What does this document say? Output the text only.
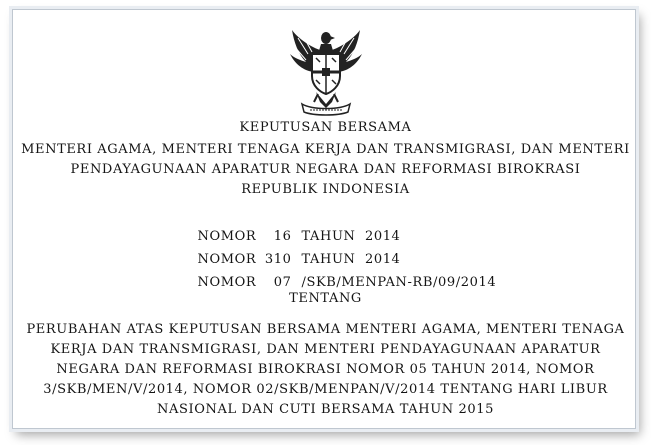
KEPUTUSAN BERSAMA
MENTERI AGAMA, MENTERI TENAGA KERJA DAN TRANSMIGRASI, DAN MENTERI
PENDAYAGUNAAN APARATUR NEGARA DAN REFORMASI BIROKRASI
REPUBLIK INDONESIA

NOMOR 16 TAHUN  2014

NOMOR 310 TAHUN  2014

NOMOR 07 /SKB/MENPAN-RB/09/2014

TENTANG
PERUBAHAN ATAS KEPUTUSAN BERSAMA MENTERI AGAMA, MENTERI TENAGA
KERJA DAN TRANSMIGRASI, DAN MENTERI PENDAYAGUNAAN APARATUR
NEGARA DAN REFORMASI BIROKRASI NOMOR 05 TAHUN 2014, NOMOR
3/SKB/MEN/V/2014, NOMOR 02/SKB/MENPAN/V/2014 TENTANG HARI LIBUR
NASIONAL DAN CUTI BERSAMA TAHUN 2015
